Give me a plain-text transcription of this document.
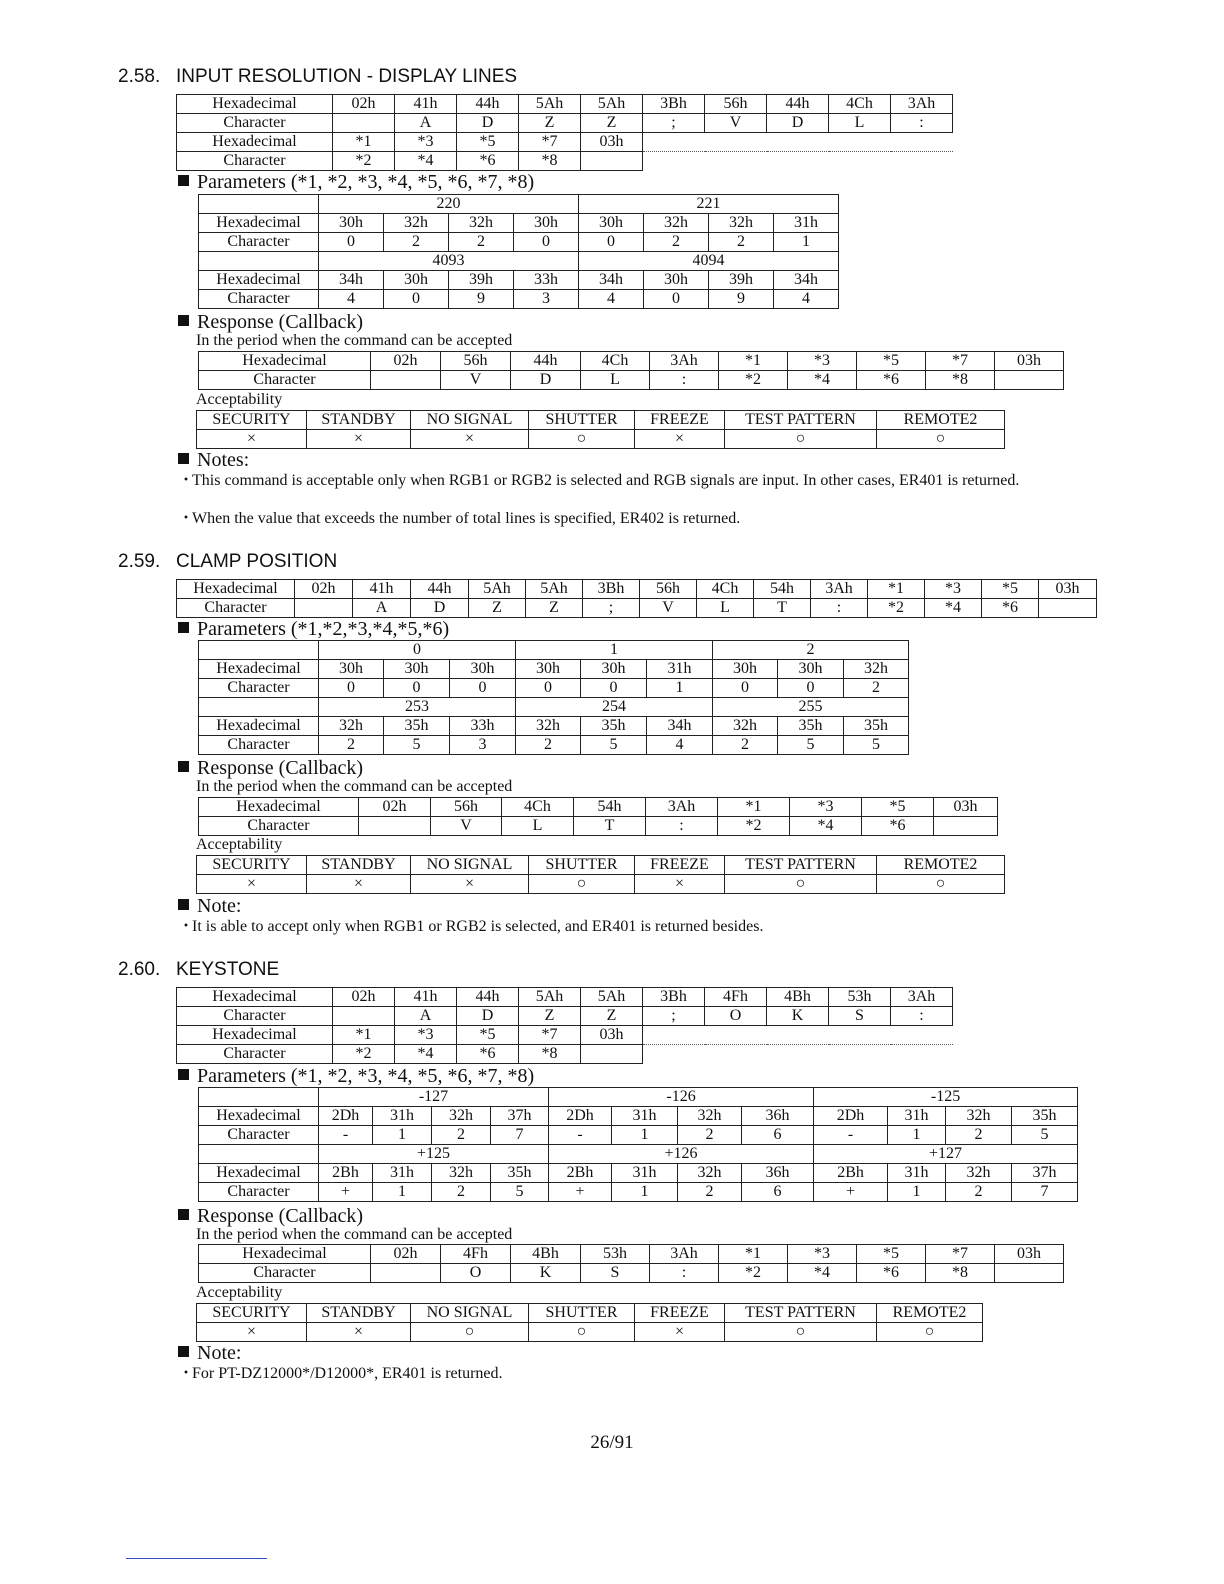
2.58. INPUT RESOLUTION - DISPLAY LINES
Hexadecimal	02h	41h	44h	5Ah	5Ah	3Bh	56h	44h	4Ch	3Ah
Character		A	D	Z	Z	;	V	D	L	:
Hexadecimal	*1	*3	*5	*7	03h					
Character	*2	*4	*6	*8						
Parameters (*1, *2, *3, *4, *5, *6, *7, *8)
	220				221			
Hexadecimal	30h	32h	32h	30h	30h	32h	32h	31h
Character	0	2	2	0	0	2	2	1
	4093				4094			
Hexadecimal	34h	30h	39h	33h	34h	30h	39h	34h
Character	4	0	9	3	4	0	9	4
Response (Callback)
In the period when the command can be accepted
Hexadecimal	02h	56h	44h	4Ch	3Ah	*1	*3	*5	*7	03h
Character		V	D	L	:	*2	*4	*6	*8	
Acceptability
SECURITY	STANDBY	NO SIGNAL	SHUTTER	FREEZE	TEST PATTERN	REMOTE2
×	×	×	○	×	○	○
Notes:
・This command is acceptable only when RGB1 or RGB2 is selected and RGB signals are input. In other cases, ER401 is returned.
・When the value that exceeds the number of total lines is specified, ER402 is returned.
2.59. CLAMP POSITION
Hexadecimal	02h	41h	44h	5Ah	5Ah	3Bh	56h	4Ch	54h	3Ah	*1	*3	*5	03h
Character		A	D	Z	Z	;	V	L	T	:	*2	*4	*6	
Parameters (*1,*2,*3,*4,*5,*6)
	0			1			2		
Hexadecimal	30h	30h	30h	30h	30h	31h	30h	30h	32h
Character	0	0	0	0	0	1	0	0	2
	253			254			255		
Hexadecimal	32h	35h	33h	32h	35h	34h	32h	35h	35h
Character	2	5	3	2	5	4	2	5	5
Response (Callback)
In the period when the command can be accepted
Hexadecimal	02h	56h	4Ch	54h	3Ah	*1	*3	*5	03h
Character		V	L	T	:	*2	*4	*6	
Acceptability
SECURITY	STANDBY	NO SIGNAL	SHUTTER	FREEZE	TEST PATTERN	REMOTE2
×	×	×	○	×	○	○
Note:
・It is able to accept only when RGB1 or RGB2 is selected, and ER401 is returned besides.
2.60. KEYSTONE
Hexadecimal	02h	41h	44h	5Ah	5Ah	3Bh	4Fh	4Bh	53h	3Ah
Character		A	D	Z	Z	;	O	K	S	:
Hexadecimal	*1	*3	*5	*7	03h					
Character	*2	*4	*6	*8						
Parameters (*1, *2, *3, *4, *5, *6, *7, *8)
	-127				-126				-125			
Hexadecimal	2Dh	31h	32h	37h	2Dh	31h	32h	36h	2Dh	31h	32h	35h
Character	-	1	2	7	-	1	2	6	-	1	2	5
	+125				+126				+127			
Hexadecimal	2Bh	31h	32h	35h	2Bh	31h	32h	36h	2Bh	31h	32h	37h
Character	+	1	2	5	+	1	2	6	+	1	2	7
Response (Callback)
In the period when the command can be accepted
Hexadecimal	02h	4Fh	4Bh	53h	3Ah	*1	*3	*5	*7	03h
Character		O	K	S	:	*2	*4	*6	*8	
Acceptability
SECURITY	STANDBY	NO SIGNAL	SHUTTER	FREEZE	TEST PATTERN	REMOTE2
×	×	○	○	×	○	○
Note:
・For PT-DZ12000*/D12000*, ER401 is returned.
26/91
